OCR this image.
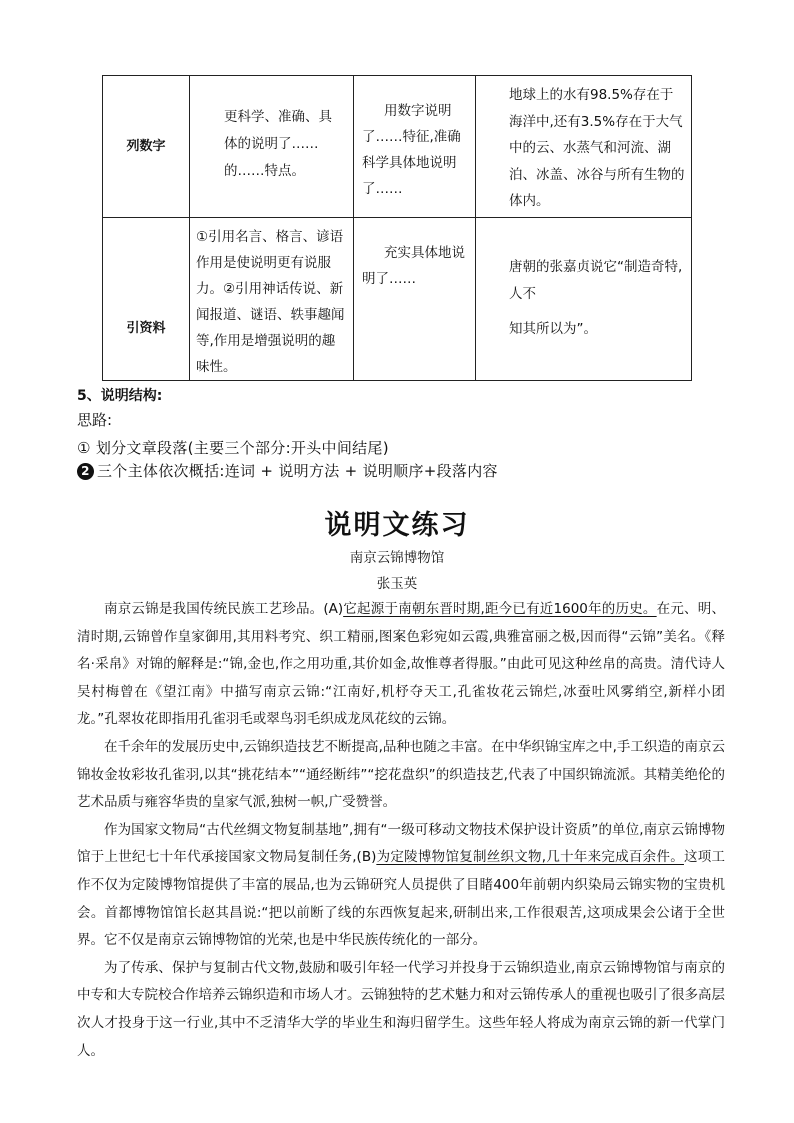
列数字	更科学、准确、具体的说明了……的……特点。	用数字说明了……特征,准确科学具体地说明了……	地球上的水有98.5%存在于海洋中,还有3.5%存在于大气中的云、水蒸气和河流、湖泊、冰盖、冰谷与所有生物的体内。

引资料	①引用名言、格言、谚语作用是使说明更有说服力。②引用神话传说、新闻报道、谜语、轶事趣闻等,作用是增强说明的趣味性。	充实具体地说明了……	唐朝的张嘉贞说它“制造奇特,人不
知其所以为”。
5、说明结构:
思路:
① 划分文章段落(主要三个部分:开头中间结尾)
2 三个主体依次概括:连词 + 说明方法 + 说明顺序+段落内容
说明文练习
南京云锦博物馆
张玉英

南京云锦是我国传统民族工艺珍品。(A)它起源于南朝东晋时期,距今已有近1600年的历史。在元、明、清时期,云锦曾作皇家御用,其用料考究、织工精丽,图案色彩宛如云霞,典雅富丽之极,因而得“云锦”美名。《释名·采帛》对锦的解释是:“锦,金也,作之用功重,其价如金,故惟尊者得服。”由此可见这种丝帛的高贵。清代诗人吴村梅曾在《望江南》中描写南京云锦:“江南好,机杼夺天工,孔雀妆花云锦烂,冰蚕吐风雾绡空,新样小团龙。”孔翠妆花即指用孔雀羽毛或翠鸟羽毛织成龙凤花纹的云锦。

在千余年的发展历史中,云锦织造技艺不断提高,品种也随之丰富。在中华织锦宝库之中,手工织造的南京云锦妆金妆彩妆孔雀羽,以其“挑花结本”“通经断纬”“挖花盘织”的织造技艺,代表了中国织锦流派。其精美绝伦的艺术品质与雍容华贵的皇家气派,独树一帜,广受赞誉。

作为国家文物局“古代丝绸文物复制基地”,拥有“一级可移动文物技术保护设计资质”的单位,南京云锦博物馆于上世纪七十年代承接国家文物局复制任务,(B)为定陵博物馆复制丝织文物,几十年来完成百余件。这项工作不仅为定陵博物馆提供了丰富的展品,也为云锦研究人员提供了目睹400年前朝内织染局云锦实物的宝贵机会。首都博物馆馆长赵其昌说:“把以前断了线的东西恢复起来,研制出来,工作很艰苦,这项成果会公诸于全世界。它不仅是南京云锦博物馆的光荣,也是中华民族传统化的一部分。

为了传承、保护与复制古代文物,鼓励和吸引年轻一代学习并投身于云锦织造业,南京云锦博物馆与南京的中专和大专院校合作培养云锦织造和市场人才。云锦独特的艺术魅力和对云锦传承人的重视也吸引了很多高层次人才投身于这一行业,其中不乏清华大学的毕业生和海归留学生。这些年轻人将成为南京云锦的新一代掌门人。
